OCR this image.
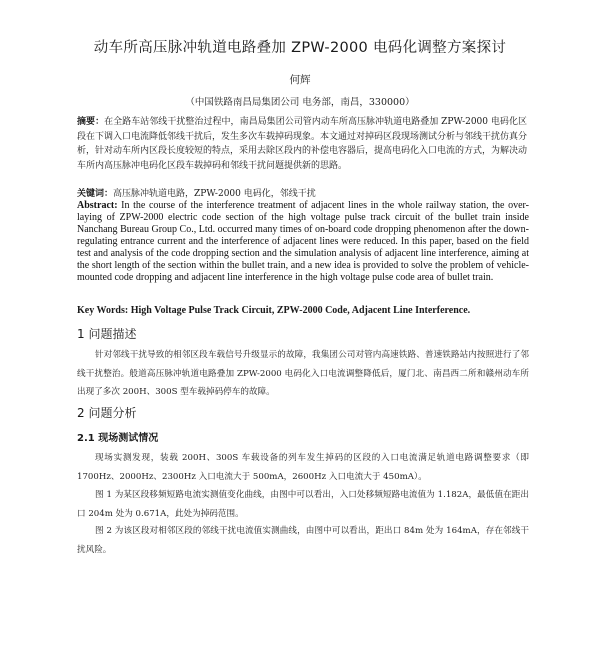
动车所高压脉冲轨道电路叠加 ZPW-2000 电码化调整方案探讨
何辉
（中国铁路南昌局集团公司 电务部，南昌，330000）
摘要：在全路车站邻线干扰整治过程中，南昌局集团公司管内动车所高压脉冲轨道电路叠加 ZPW-2000 电码化区段在下调入口电流降低邻线干扰后，发生多次车载掉码现象。本文通过对掉码区段现场测试分析与邻线干扰仿真分析，针对动车所内区段长度较短的特点，采用去除区段内的补偿电容器后，提高电码化入口电流的方式，为解决动车所内高压脉冲电码化区段车载掉码和邻线干扰问题提供新的思路。
关键词：高压脉冲轨道电路，ZPW-2000 电码化，邻线干扰
Abstract: In the course of the interference treatment of adjacent lines in the whole railway station, the over-laying of ZPW-2000 electric code section of the high voltage pulse track circuit of the bullet train inside Nanchang Bureau Group Co., Ltd. occurred many times of on-board code dropping phenomenon after the down-regulating entrance current and the interference of adjacent lines were reduced. In this paper, based on the field test and analysis of the code dropping section and the simulation analysis of adjacent line interference, aiming at the short length of the section within the bullet train, and a new idea is provided to solve the problem of vehicle-mounted code dropping and adjacent line interference in the high voltage pulse code area of bullet train.
Key Words: High Voltage Pulse Track Circuit, ZPW-2000 Code, Adjacent Line Interference.
1 问题描述
针对邻线干扰导致的相邻区段车载信号升级显示的故障，我集团公司对管内高速铁路、普速铁路站内按照进行了邻线干扰整治。般道高压脉冲轨道电路叠加 ZPW-2000 电码化入口电流调整降低后，厦门北、南昌西二所和赣州动车所出现了多次 200H、300S 型车载掉码停车的故障。
2 问题分析
2.1 现场测试情况
现场实测发现，装载 200H、300S 车载设备的列车发生掉码的区段的入口电流满足轨道电路调整要求（即 1700Hz、2000Hz、2300Hz 入口电流大于 500mA，2600Hz 入口电流大于 450mA）。
图 1 为某区段移频短路电流实测值变化曲线，由图中可以看出，入口处移频短路电流值为 1.182A，最低值在距出口 204m 处为 0.671A，此处为掉码范围。
图 2 为该区段对相邻区段的邻线干扰电流值实测曲线，由图中可以看出，距出口 84m 处为 164mA，存在邻线干扰风险。
